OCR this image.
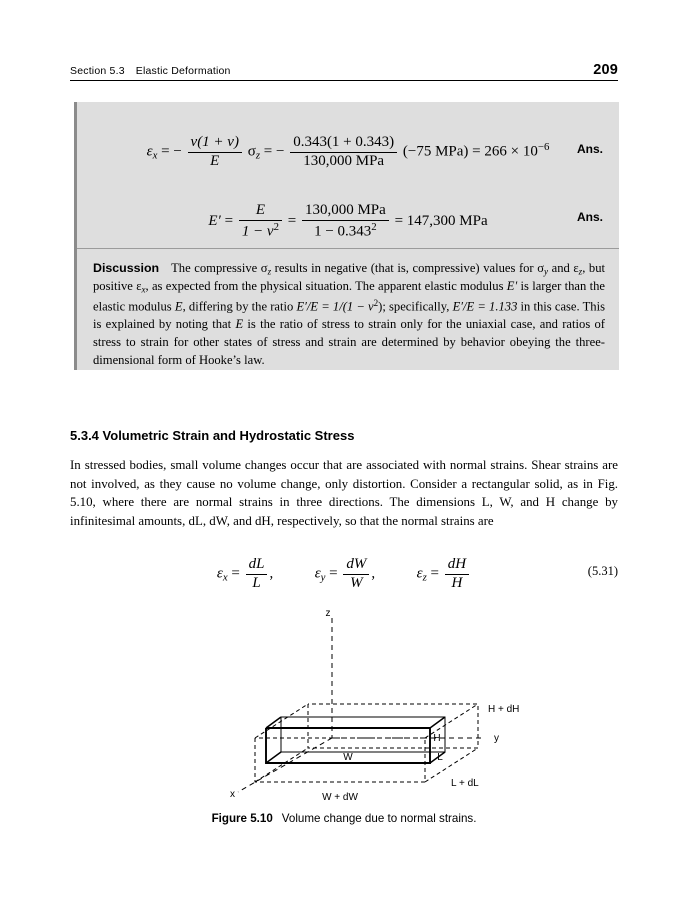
Section 5.3 Elastic Deformation	209
$\varepsilon_x$ = − $\frac{\nu(1 + \nu)}{E} \sigma_z$ = − $\frac{0.343(1 + 0.343)}{\text{130,000 MPa}} (-75$ $MPa) = 266 \times 10^{-6}$	Ans.
$E' = \frac{E}{1 - \nu^2} = \frac{\text{130,000 MPa}}{1 - 0.343^2} = 147,300$ MPa	Ans.
Discussion The compressive $\sigma_z$ results in negative (that is, compressive) values for $\sigma_y$ and $\varepsilon_z$, but positive $\varepsilon_x$, as expected from the physical situation. The apparent elastic modulus E′ is larger than the elastic modulus E, differing by the ratio $E'/E = 1/(1 - \nu^2)$; specifically, E′/E = 1.133 in this case. This is explained by noting that E is the ratio of stress to strain only for the uniaxial case, and ratios of stress to strain for other states of stress and strain are determined by behavior obeying the three-dimensional form of Hooke’s law.
5.3.4 Volumetric Strain and Hydrostatic Stress
In stressed bodies, small volume changes occur that are associated with normal strains. Shear strains are not involved, as they cause no volume change, only distortion. Consider a rectangular solid, as in Fig. 5.10, where there are normal strains in three directions. The dimensions L, W, and H change by infinitesimal amounts, dL, dW, and dH, respectively, so that the normal strains are
$\varepsilon_x = \frac{dL}{L}$ ,	$\varepsilon_y = \frac{dW}{W}$ ,	$\varepsilon_z = \frac{dH}{H}$	(5.31)
z
y
x
H
W	L
H + dH
W + dW
L + dL
Figure 5.10 Volume change due to normal strains.
